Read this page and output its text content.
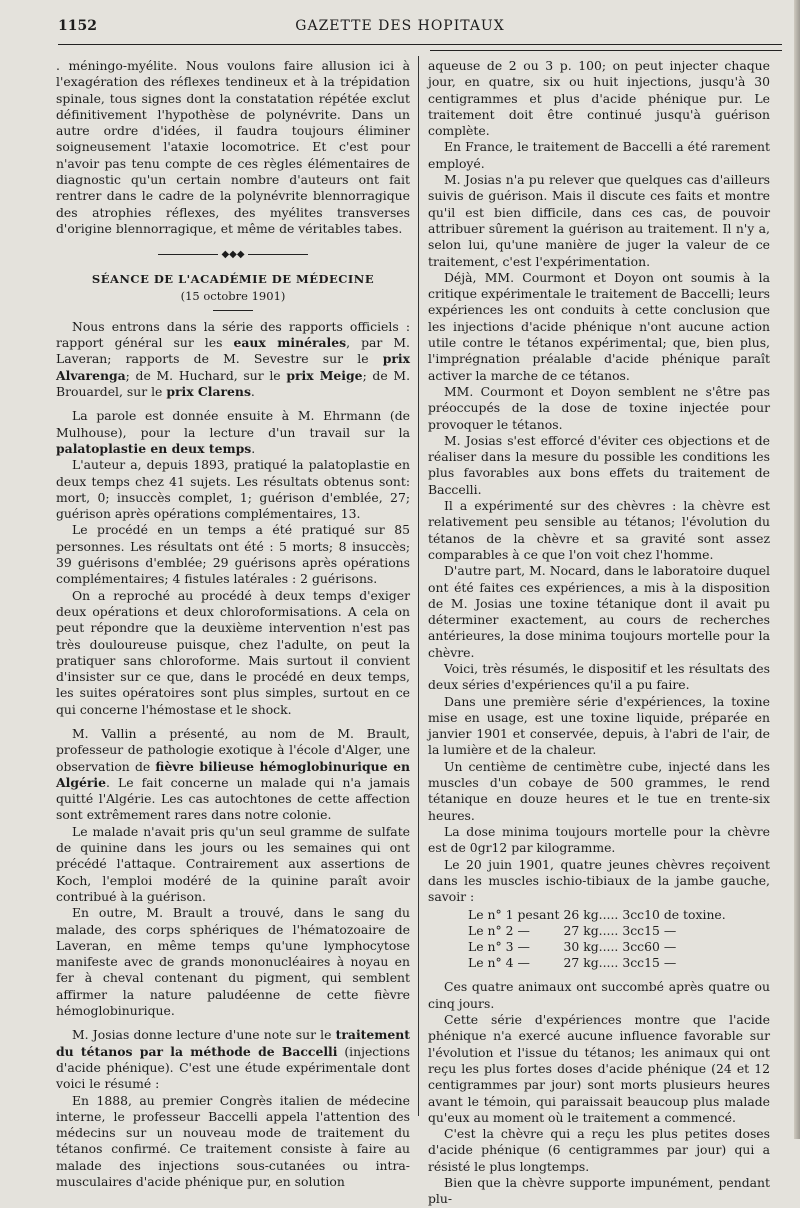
1152	GAZETTE DES HOPITAUX

. méningo-myélite. Nous voulons faire allusion ici à l'exagération des réflexes tendineux et à la trépidation spinale, tous signes dont la constatation répétée exclut définitivement l'hypothèse de polynévrite. Dans un autre ordre d'idées, il faudra toujours éliminer soigneusement l'ataxie locomotrice. Et c'est pour n'avoir pas tenu compte de ces règles élémentaires de diagnostic qu'un certain nombre d'auteurs ont fait rentrer dans le cadre de la polynévrite blennorragique des atrophies réflexes, des myélites transverses d'origine blennorragique, et même de véritables tabes.

◆◆◆
SÉANCE DE L'ACADÉMIE DE MÉDECINE
(15 octobre 1901)

Nous entrons dans la série des rapports officiels : rapport général sur les eaux minérales, par M. Laveran; rapports de M. Sevestre sur le prix Alvarenga; de M. Huchard, sur le prix Meige; de M. Brouardel, sur le prix Clarens.

La parole est donnée ensuite à M. Ehrmann (de Mulhouse), pour la lecture d'un travail sur la palatoplastie en deux temps.

L'auteur a, depuis 1893, pratiqué la palatoplastie en deux temps chez 41 sujets. Les résultats obtenus sont: mort, 0; insuccès complet, 1; guérison d'emblée, 27; guérison après opérations complémentaires, 13.

Le procédé en un temps a été pratiqué sur 85 personnes. Les résultats ont été : 5 morts; 8 insuccès; 39 guérisons d'emblée; 29 guérisons après opérations complémentaires; 4 fistules latérales : 2 guérisons.

On a reproché au procédé à deux temps d'exiger deux opérations et deux chloroformisations. A cela on peut répondre que la deuxième intervention n'est pas très douloureuse puisque, chez l'adulte, on peut la pratiquer sans chloroforme. Mais surtout il convient d'insister sur ce que, dans le procédé en deux temps, les suites opératoires sont plus simples, surtout en ce qui concerne l'hémostase et le shock.

M. Vallin a présenté, au nom de M. Brault, professeur de pathologie exotique à l'école d'Alger, une observation de fièvre bilieuse hémoglobinurique en Algérie. Le fait concerne un malade qui n'a jamais quitté l'Algérie. Les cas autochtones de cette affection sont extrêmement rares dans notre colonie.

Le malade n'avait pris qu'un seul gramme de sulfate de quinine dans les jours ou les semaines qui ont précédé l'attaque. Contrairement aux assertions de Koch, l'emploi modéré de la quinine paraît avoir contribué à la guérison.

En outre, M. Brault a trouvé, dans le sang du malade, des corps sphériques de l'hématozoaire de Laveran, en même temps qu'une lymphocytose manifeste avec de grands mononucléaires à noyau en fer à cheval contenant du pigment, qui semblent affirmer la nature paludéenne de cette fièvre hémoglobinurique.

M. Josias donne lecture d'une note sur le traitement du tétanos par la méthode de Baccelli (injections d'acide phénique). C'est une étude expérimentale dont voici le résumé :

En 1888, au premier Congrès italien de médecine interne, le professeur Baccelli appela l'attention des médecins sur un nouveau mode de traitement du tétanos confirmé. Ce traitement consiste à faire au malade des injections sous-cutanées ou intra-musculaires d'acide phénique pur, en solution

aqueuse de 2 ou 3 p. 100; on peut injecter chaque jour, en quatre, six ou huit injections, jusqu'à 30 centigrammes et plus d'acide phénique pur. Le traitement doit être continué jusqu'à guérison complète.

En France, le traitement de Baccelli a été rarement employé.

M. Josias n'a pu relever que quelques cas d'ailleurs suivis de guérison. Mais il discute ces faits et montre qu'il est bien difficile, dans ces cas, de pouvoir attribuer sûrement la guérison au traitement. Il n'y a, selon lui, qu'une manière de juger la valeur de ce traitement, c'est l'expérimentation.

Déjà, MM. Courmont et Doyon ont soumis à la critique expérimentale le traitement de Baccelli; leurs expériences les ont conduits à cette conclusion que les injections d'acide phénique n'ont aucune action utile contre le tétanos expérimental; que, bien plus, l'imprégnation préalable d'acide phénique paraît activer la marche de ce tétanos.

MM. Courmont et Doyon semblent ne s'être pas préoccupés de la dose de toxine injectée pour provoquer le tétanos.

M. Josias s'est efforcé d'éviter ces objections et de réaliser dans la mesure du possible les conditions les plus favorables aux bons effets du traitement de Baccelli.

Il a expérimenté sur des chèvres : la chèvre est relativement peu sensible au tétanos; l'évolution du tétanos de la chèvre et sa gravité sont assez comparables à ce que l'on voit chez l'homme.

D'autre part, M. Nocard, dans le laboratoire duquel ont été faites ces expériences, a mis à la disposition de M. Josias une toxine tétanique dont il avait pu déterminer exactement, au cours de recherches antérieures, la dose minima toujours mortelle pour la chèvre.

Voici, très résumés, le dispositif et les résultats des deux séries d'expériences qu'il a pu faire.

Dans une première série d'expériences, la toxine mise en usage, est une toxine liquide, préparée en janvier 1901 et conservée, depuis, à l'abri de l'air, de la lumière et de la chaleur.

Un centième de centimètre cube, injecté dans les muscles d'un cobaye de 500 grammes, le rend tétanique en douze heures et le tue en trente-six heures.

La dose minima toujours mortelle pour la chèvre est de 0gr12 par kilogramme.

Le 20 juin 1901, quatre jeunes chèvres reçoivent dans les muscles ischio-tibiaux de la jambe gauche, savoir :

Le n° 1	pesant	26 kg.....	3cc10	de toxine.
Le n° 2	—	27 kg.....	3cc15	—
Le n° 3	—	30 kg.....	3cc60	—
Le n° 4	—	27 kg.....	3cc15	—

Ces quatre animaux ont succombé après quatre ou cinq jours.

Cette série d'expériences montre que l'acide phénique n'a exercé aucune influence favorable sur l'évolution et l'issue du tétanos; les animaux qui ont reçu les plus fortes doses d'acide phénique (24 et 12 centigrammes par jour) sont morts plusieurs heures avant le témoin, qui paraissait beaucoup plus malade qu'eux au moment où le traitement a commencé.

C'est la chèvre qui a reçu les plus petites doses d'acide phénique (6 centigrammes par jour) qui a résisté le plus longtemps.

Bien que la chèvre supporte impunément, pendant plu-
